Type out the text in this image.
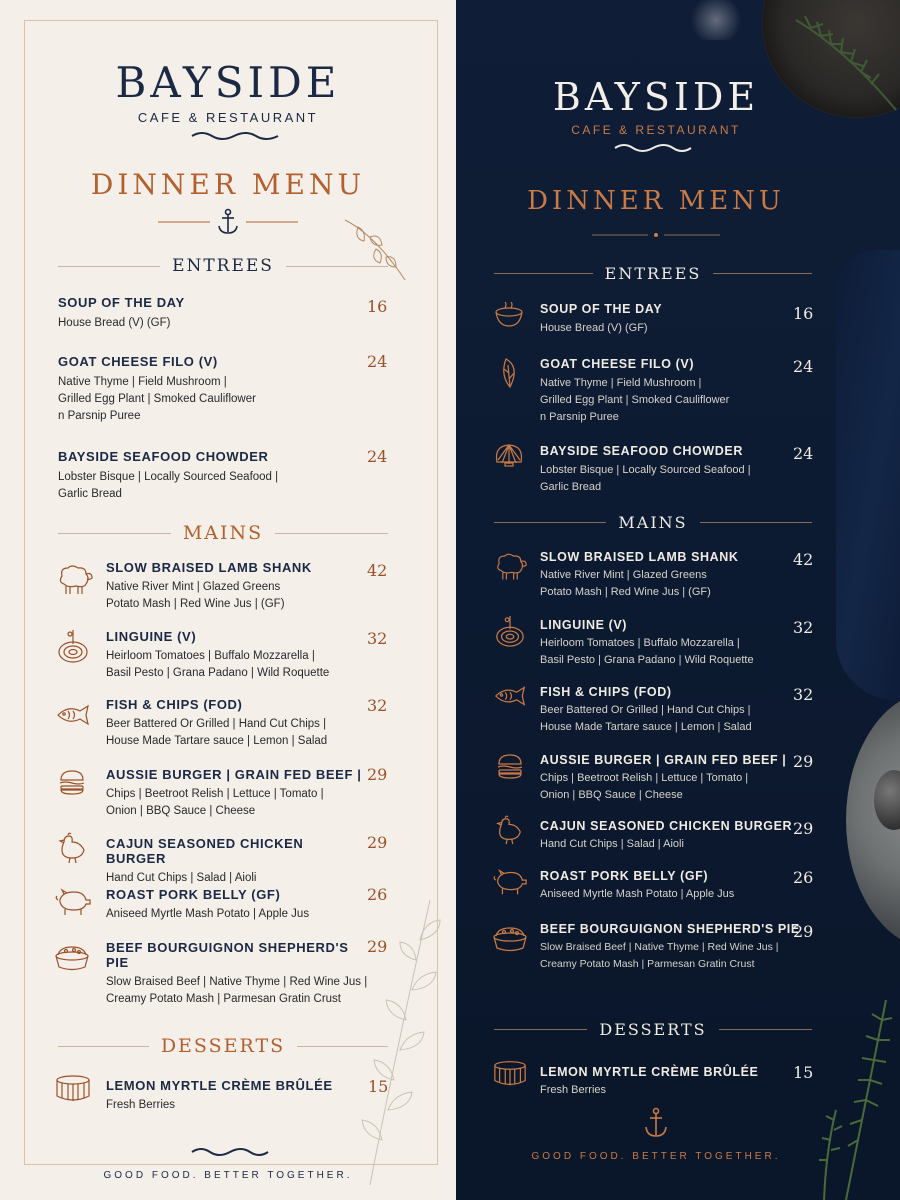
BAYSIDE
CAFE & RESTAURANT
DINNER MENU
ENTREES
SOUP OF THE DAY
House Bread (V) (GF)
16
GOAT CHEESE FILO (V)
Native Thyme | Field Mushroom |
Grilled Egg Plant | Smoked Cauliflower
n Parsnip Puree
24
BAYSIDE SEAFOOD CHOWDER
Lobster Bisque | Locally Sourced Seafood |
Garlic Bread
24
MAINS
SLOW BRAISED LAMB SHANK
Native River Mint | Glazed Greens
Potato Mash | Red Wine Jus | (GF)
42
LINGUINE (V)
Heirloom Tomatoes | Buffalo Mozzarella |
Basil Pesto | Grana Padano | Wild Roquette
32
FISH & CHIPS (FOD)
Beer Battered Or Grilled | Hand Cut Chips |
House Made Tartare sauce | Lemon | Salad
32
AUSSIE BURGER | GRAIN FED BEEF |
Chips | Beetroot Relish | Lettuce | Tomato |
Onion | BBQ Sauce | Cheese
29
CAJUN SEASONED CHICKEN BURGER
Hand Cut Chips | Salad | Aioli
29
ROAST PORK BELLY (GF)
Aniseed Myrtle Mash Potato | Apple Jus
26
BEEF BOURGUIGNON SHEPHERD'S PIE
Slow Braised Beef | Native Thyme | Red Wine Jus |
Creamy Potato Mash | Parmesan Gratin Crust
29
DESSERTS
LEMON MYRTLE CRÈME BRÛLÉE
Fresh Berries
15
GOOD FOOD. BETTER TOGETHER.
BAYSIDE
CAFE & RESTAURANT
DINNER MENU
ENTREES
SOUP OF THE DAY
House Bread (V) (GF)
16
GOAT CHEESE FILO (V)
Native Thyme | Field Mushroom |
Grilled Egg Plant | Smoked Cauliflower
n Parsnip Puree
24
BAYSIDE SEAFOOD CHOWDER
Lobster Bisque | Locally Sourced Seafood |
Garlic Bread
24
MAINS
SLOW BRAISED LAMB SHANK
Native River Mint | Glazed Greens
Potato Mash | Red Wine Jus | (GF)
42
LINGUINE (V)
Heirloom Tomatoes | Buffalo Mozzarella |
Basil Pesto | Grana Padano | Wild Roquette
32
FISH & CHIPS (FOD)
Beer Battered Or Grilled | Hand Cut Chips |
House Made Tartare sauce | Lemon | Salad
32
AUSSIE BURGER | GRAIN FED BEEF |
Chips | Beetroot Relish | Lettuce | Tomato |
Onion | BBQ Sauce | Cheese
29
CAJUN SEASONED CHICKEN BURGER
Hand Cut Chips | Salad | Aioli
29
ROAST PORK BELLY (GF)
Aniseed Myrtle Mash Potato | Apple Jus
26
BEEF BOURGUIGNON SHEPHERD'S PIE
Slow Braised Beef | Native Thyme | Red Wine Jus |
Creamy Potato Mash | Parmesan Gratin Crust
29
DESSERTS
LEMON MYRTLE CRÈME BRÛLÉE
Fresh Berries
15
GOOD FOOD. BETTER TOGETHER.
